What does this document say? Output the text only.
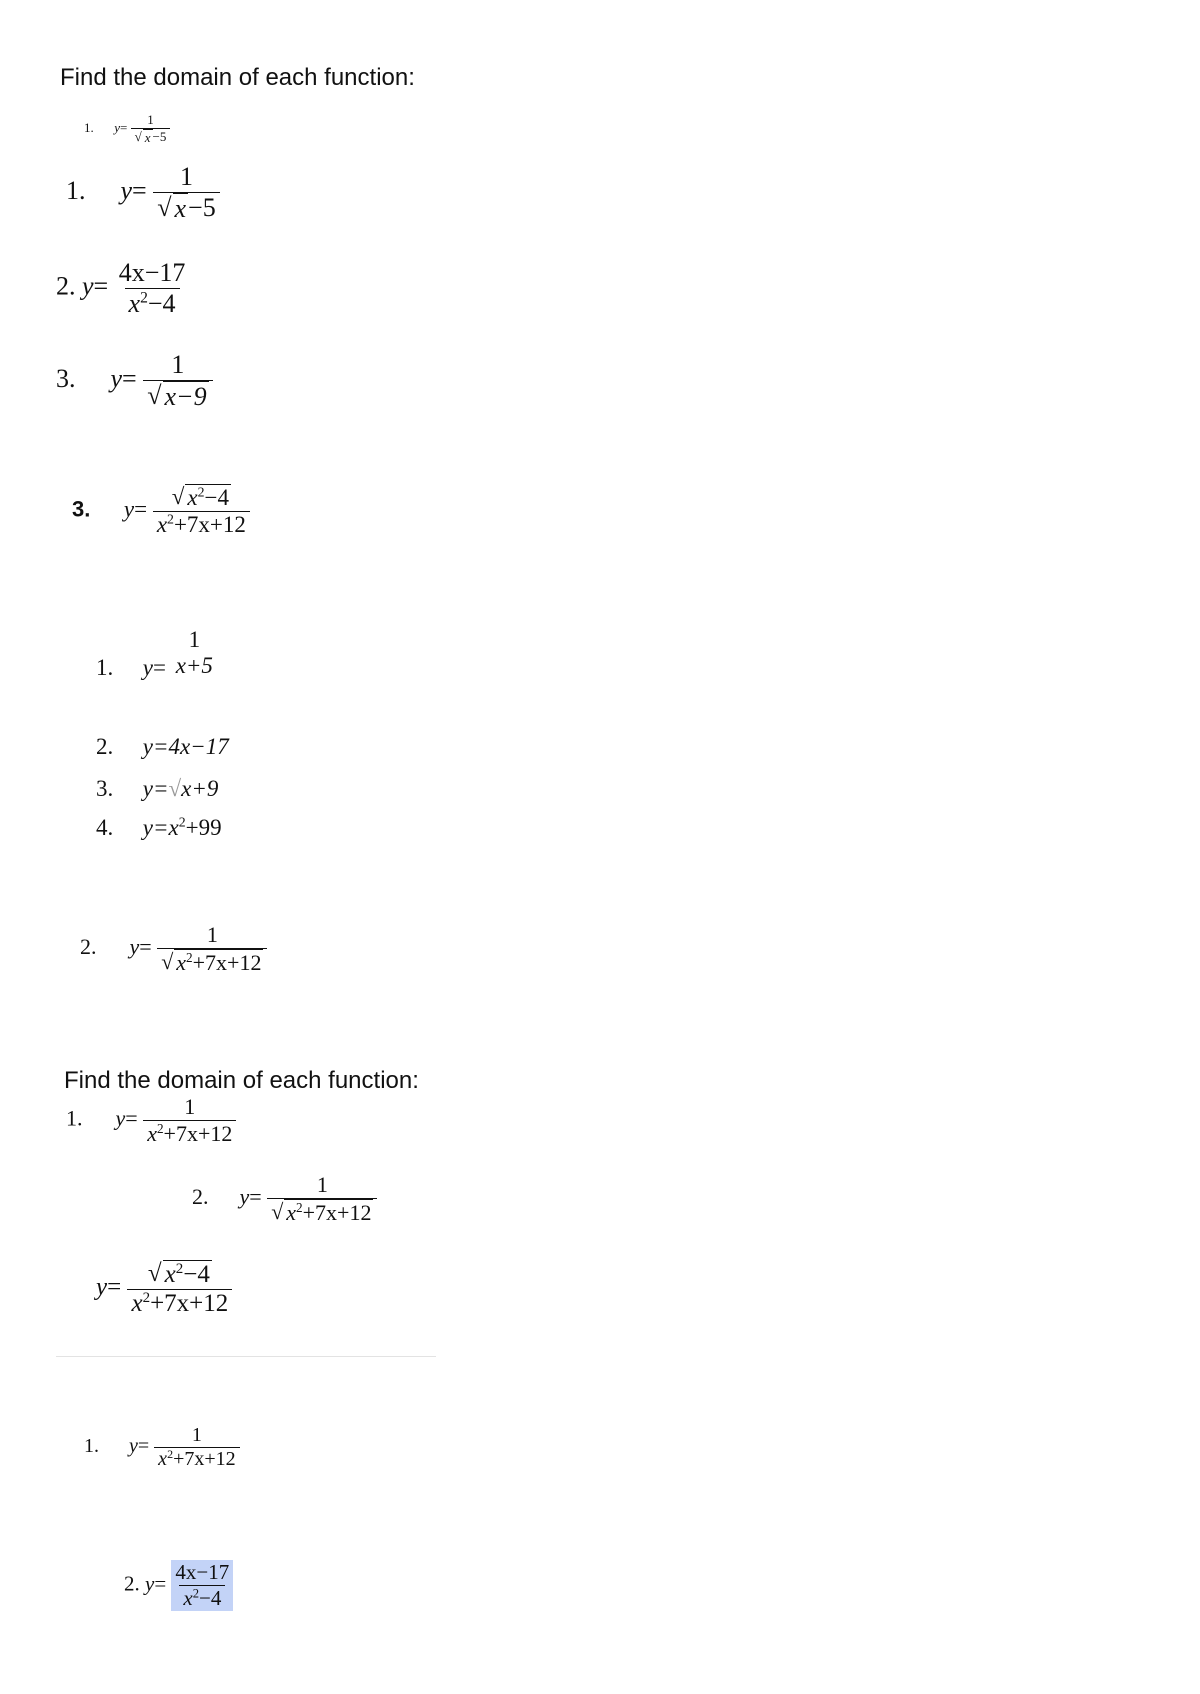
Find the domain of each function:
1. $y= \frac{1}{√ x -5}$
1. $y= \frac{1}{√ x -5}$
2. $y= \frac{4x-17}{x^2-4}$
3. $y= \frac{1}{√ x-9}$
3. $y= \frac{√ x^2-4}{x^2+7x+12}$
1. y=
1
x+5
2. y=4x−17
3. y=√x+9
4. $y=x^2+99$
2. $y= \frac{1}{√ x^2+7x+12}$
Find the domain of each function:
1. $y= \frac{1}{x^2+7x+12}$
2. $y= \frac{1}{√ x^2+7x+12}$
$y= \frac{√ x^2-4}{x^2+7x+12}$
1. $y= \frac{1}{x^2+7x+12}$
2. $y= \frac{4x-17}{x^2-4}$
